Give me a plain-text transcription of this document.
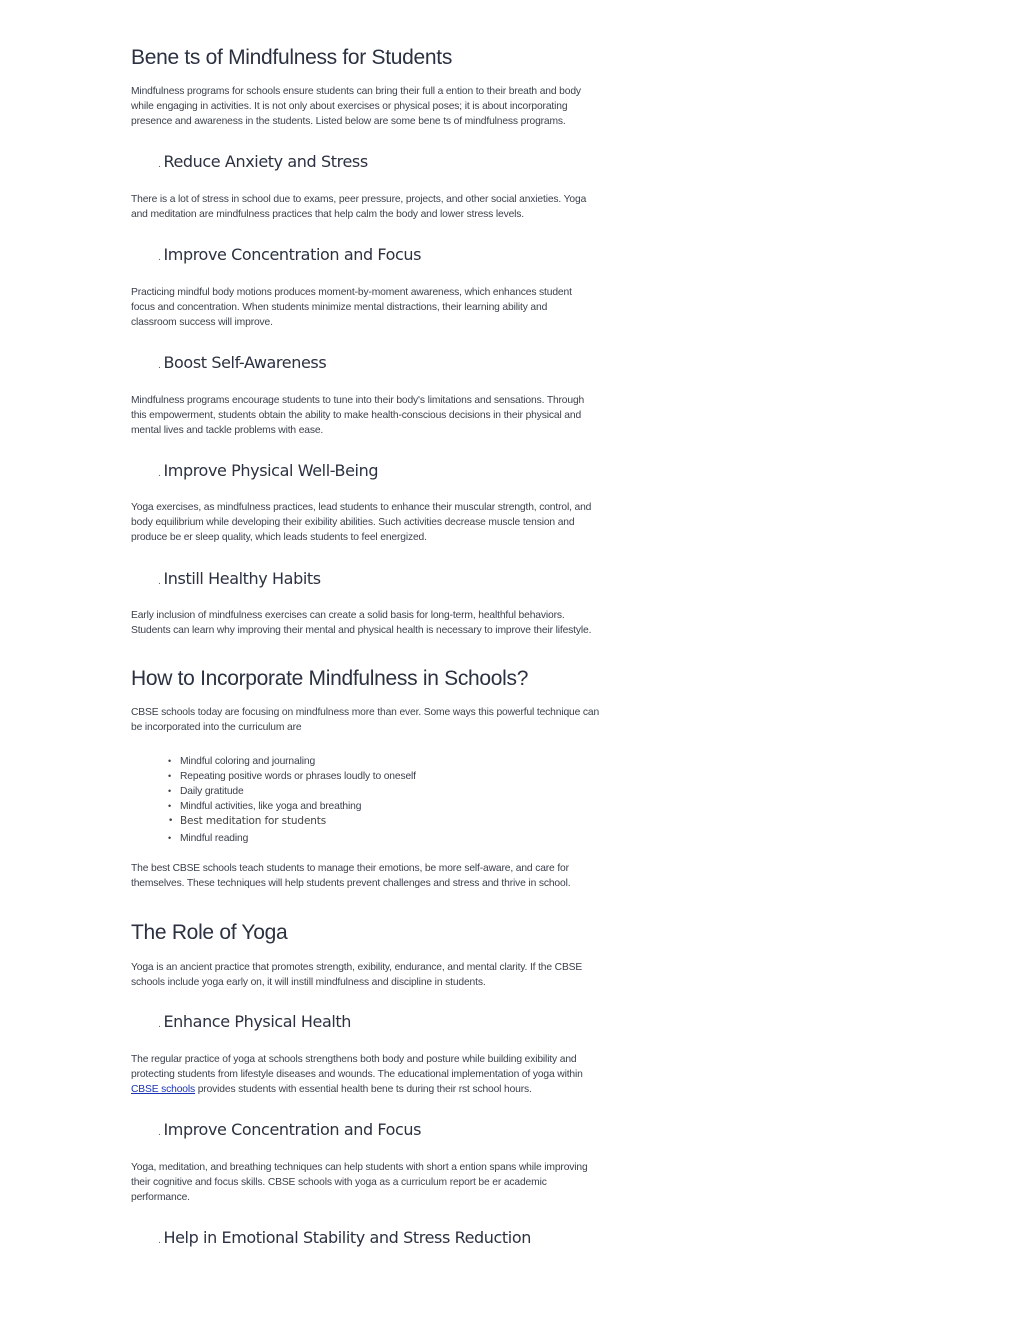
Bene ts of Mindfulness for Students

Mindfulness programs for schools ensure students can bring their full a ention to their breath and body
while engaging in activities. It is not only about exercises or physical poses; it is about incorporating
presence and awareness in the students. Listed below are some bene ts of mindfulness programs.

. Reduce Anxiety and Stress

There is a lot of stress in school due to exams, peer pressure, projects, and other social anxieties. Yoga
and meditation are mindfulness practices that help calm the body and lower stress levels.

. Improve Concentration and Focus

Practicing mindful body motions produces moment-by-moment awareness, which enhances student
focus and concentration. When students minimize mental distractions, their learning ability and
classroom success will improve.

. Boost Self-Awareness

Mindfulness programs encourage students to tune into their body's limitations and sensations. Through
this empowerment, students obtain the ability to make health-conscious decisions in their physical and
mental lives and tackle problems with ease.

. Improve Physical Well-Being

Yoga exercises, as mindfulness practices, lead students to enhance their muscular strength, control, and
body equilibrium while developing their exibility abilities. Such activities decrease muscle tension and
produce be er sleep quality, which leads students to feel energized.

. Instill Healthy Habits

Early inclusion of mindfulness exercises can create a solid basis for long-term, healthful behaviors.
Students can learn why improving their mental and physical health is necessary to improve their lifestyle.

How to Incorporate Mindfulness in Schools?

CBSE schools today are focusing on mindfulness more than ever. Some ways this powerful technique can
be incorporated into the curriculum are

• Mindful coloring and journaling
• Repeating positive words or phrases loudly to oneself
• Daily gratitude
• Mindful activities, like yoga and breathing
• Best meditation for students
• Mindful reading

The best CBSE schools teach students to manage their emotions, be more self-aware, and care for
themselves. These techniques will help students prevent challenges and stress and thrive in school.

The Role of Yoga

Yoga is an ancient practice that promotes strength, exibility, endurance, and mental clarity. If the CBSE
schools include yoga early on, it will instill mindfulness and discipline in students.

. Enhance Physical Health

The regular practice of yoga at schools strengthens both body and posture while building exibility and
protecting students from lifestyle diseases and wounds. The educational implementation of yoga within
CBSE schools provides students with essential health bene ts during their rst school hours.

. Improve Concentration and Focus

Yoga, meditation, and breathing techniques can help students with short a ention spans while improving
their cognitive and focus skills. CBSE schools with yoga as a curriculum report be er academic
performance.

. Help in Emotional Stability and Stress Reduction
